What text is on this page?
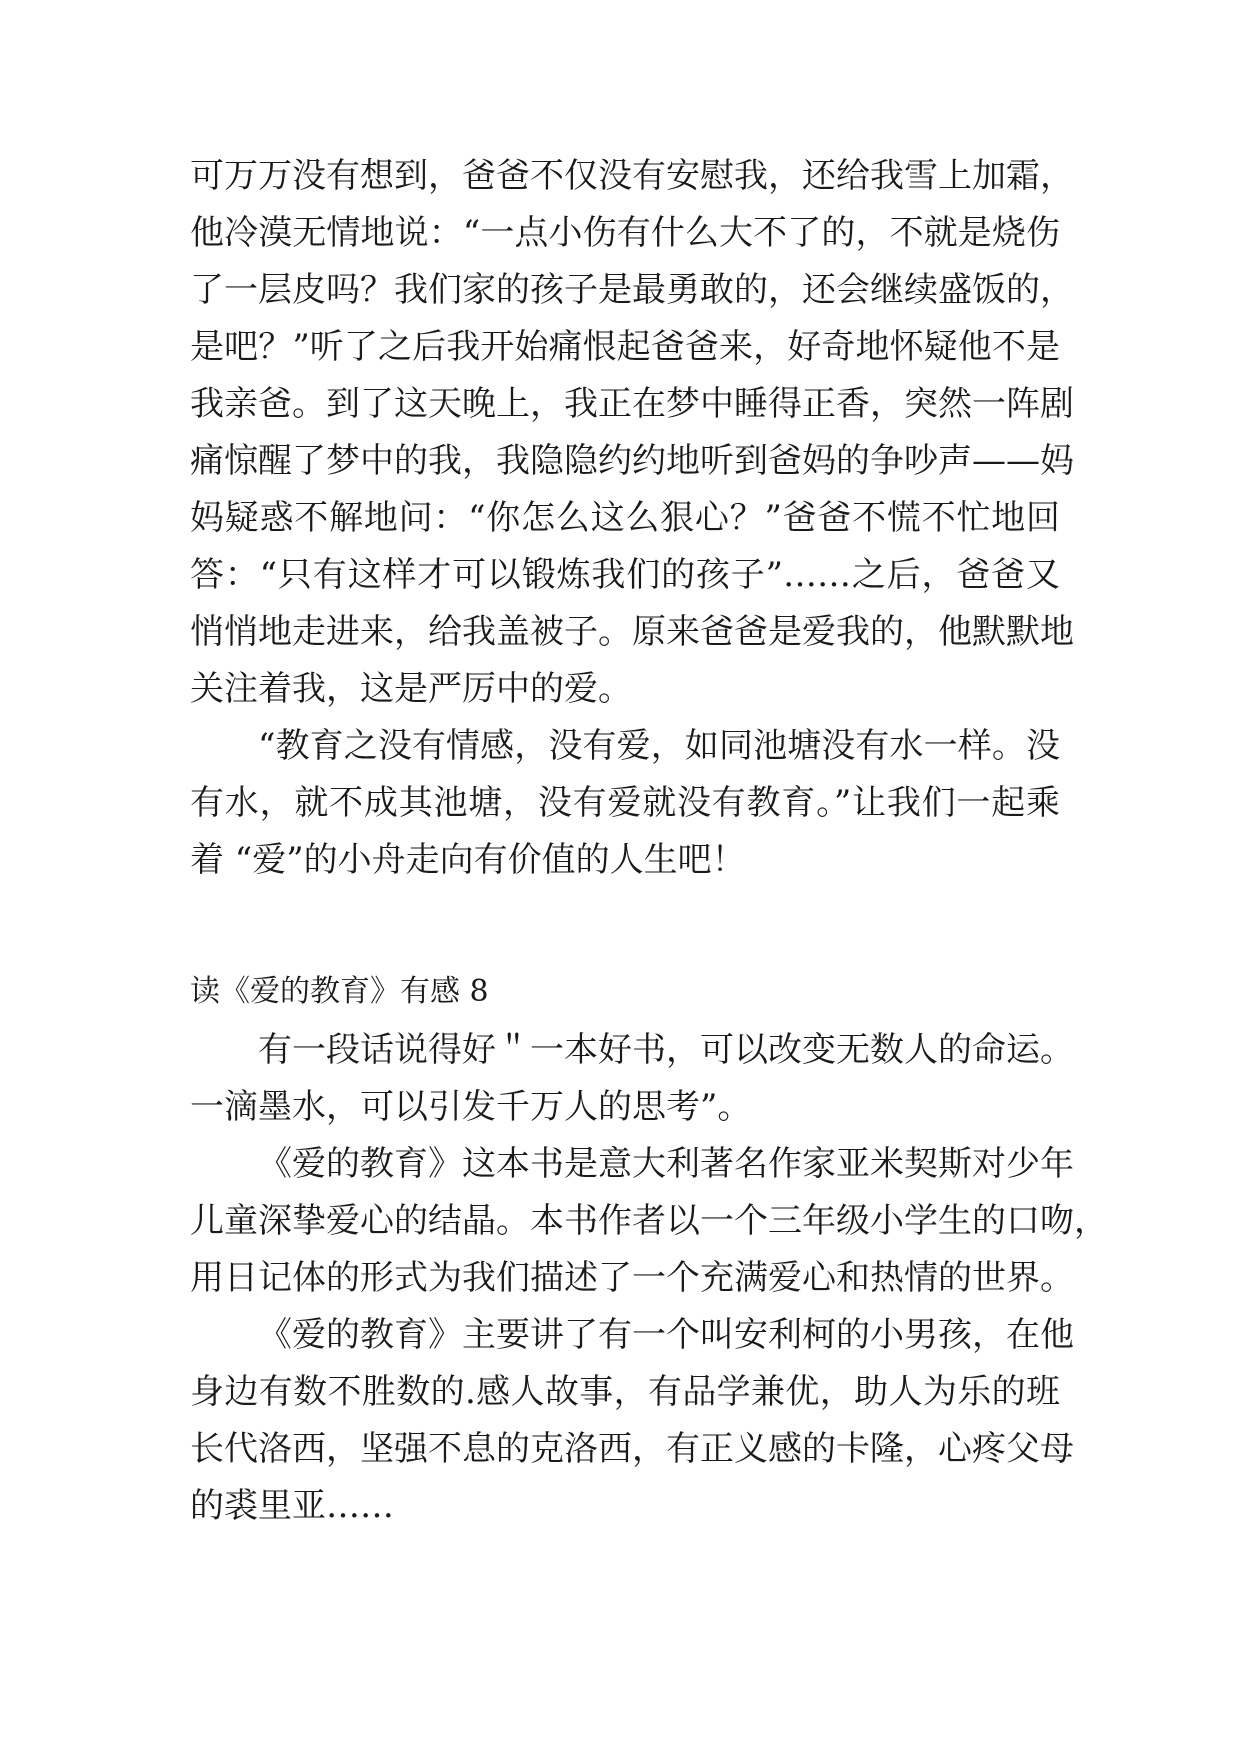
可万万没有想到，爸爸不仅没有安慰我，还给我雪上加霜，
他冷漠无情地说：“一点小伤有什么大不了的，不就是烧伤
了一层皮吗？我们家的孩子是最勇敢的，还会继续盛饭的，
是吧？”听了之后我开始痛恨起爸爸来，好奇地怀疑他不是
我亲爸。到了这天晚上，我正在梦中睡得正香，突然一阵剧
痛惊醒了梦中的我，我隐隐约约地听到爸妈的争吵声——妈
妈疑惑不解地问：“你怎么这么狠心？”爸爸不慌不忙地回
答：“只有这样才可以锻炼我们的孩子”……之后，爸爸又
悄悄地走进来，给我盖被子。原来爸爸是爱我的，他默默地
关注着我，这是严厉中的爱。
“教育之没有情感，没有爱，如同池塘没有水一样。没
有水，就不成其池塘，没有爱就没有教育。”让我们一起乘
着 “爱”的小舟走向有价值的人生吧！
读《爱的教育》有感 8
有一段话说得好＂一本好书，可以改变无数人的命运。
一滴墨水，可以引发千万人的思考”。
《爱的教育》这本书是意大利著名作家亚米契斯对少年
儿童深挚爱心的结晶。本书作者以一个三年级小学生的口吻，
用日记体的形式为我们描述了一个充满爱心和热情的世界。
《爱的教育》主要讲了有一个叫安利柯的小男孩，在他
身边有数不胜数的.感人故事，有品学兼优，助人为乐的班
长代洛西，坚强不息的克洛西，有正义感的卡隆，心疼父母
的裘里亚……
